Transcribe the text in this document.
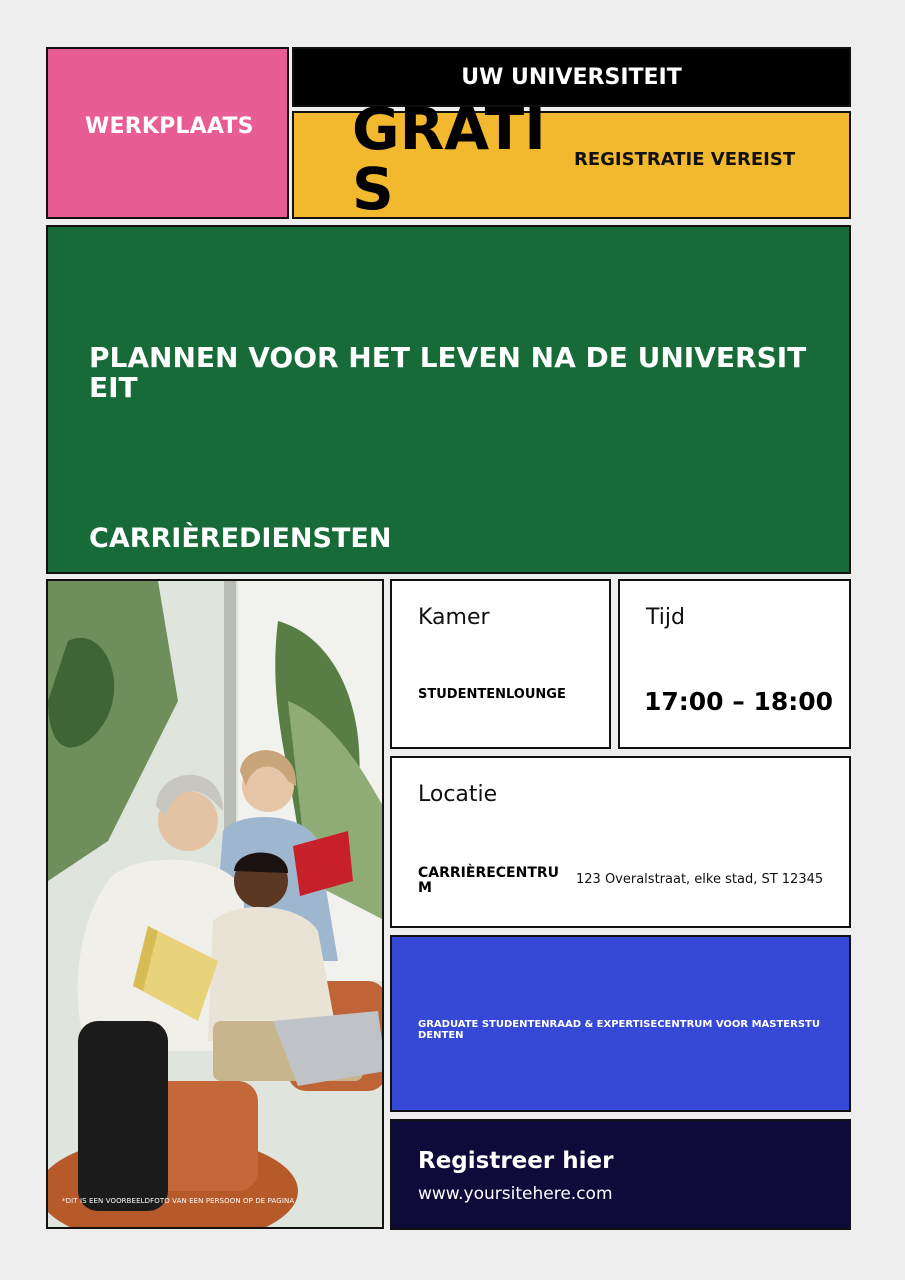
WERKPLAATS
UW UNIVERSITEIT
GRATIS	REGISTRATIE VEREIST
PLANNEN VOOR HET LEVEN NA DE UNIVERSITEIT
CARRIÈREDIENSTEN
*DIT IS EEN VOORBEELDFOTO VAN EEN PERSOON OP DE PAGINA
Kamer
STUDENTENLOUNGE
Tijd
17:00 – 18:00
Locatie
CARRIÈRECENTRUM
123 Overalstraat, elke stad, ST 12345
GRADUATE STUDENTENRAAD & EXPERTISECENTRUM VOOR MASTERSTUDENTEN
Registreer hier
www.yoursitehere.com
